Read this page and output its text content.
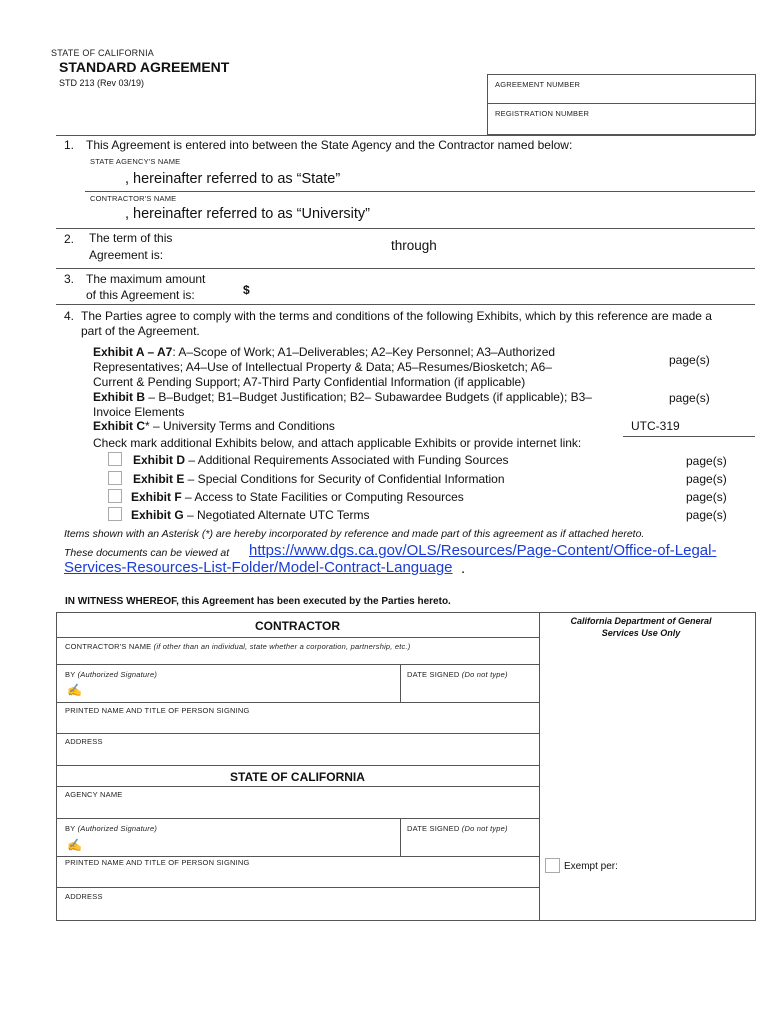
STATE OF CALIFORNIA
STANDARD AGREEMENT
STD 213 (Rev 03/19)	AGREEMENT NUMBER
REGISTRATION NUMBER
1. This Agreement is entered into between the State Agency and the Contractor named below:
STATE AGENCY'S NAME
, hereinafter referred to as “State”
CONTRACTOR'S NAME
, hereinafter referred to as “University”
2. The term of this
Agreement is:
through
3. The maximum amount
of this Agreement is:	$
4. The Parties agree to comply with the terms and conditions of the following Exhibits, which by this reference are made a
part of the Agreement.
Exhibit A – A7: A–Scope of Work; A1–Deliverables; A2–Key Personnel; A3–Authorized
Representatives; A4–Use of Intellectual Property & Data; A5–Resumes/Biosketch; A6–
Current & Pending Support; A7-Third Party Confidential Information (if applicable)
page(s)
Exhibit B – B–Budget; B1–Budget Justification; B2– Subawardee Budgets (if applicable); B3–
Invoice Elements
page(s)
Exhibit C* – University Terms and Conditions	UTC-319
Check mark additional Exhibits below, and attach applicable Exhibits or provide internet link:
Exhibit D – Additional Requirements Associated with Funding Sources	page(s)
Exhibit E – Special Conditions for Security of Confidential Information	page(s)
Exhibit F – Access to State Facilities or Computing Resources	page(s)
Exhibit G – Negotiated Alternate UTC Terms	page(s)
Items shown with an Asterisk (*) are hereby incorporated by reference and made part of this agreement as if attached hereto.
These documents can be viewed at https://www.dgs.ca.gov/OLS/Resources/Page-Content/Office-of-Legal-
Services-Resources-List-Folder/Model-Contract-Language .
IN WITNESS WHEREOF, this Agreement has been executed by the Parties hereto.
CONTRACTOR
CONTRACTOR'S NAME (if other than an individual, state whether a corporation, partnership, etc.)
BY (Authorized Signature)
✍
DATE SIGNED (Do not type)
PRINTED NAME AND TITLE OF PERSON SIGNING
ADDRESS
STATE OF CALIFORNIA
AGENCY NAME
BY (Authorized Signature)
✍
DATE SIGNED (Do not type)
PRINTED NAME AND TITLE OF PERSON SIGNING
ADDRESS
California Department of General
Services Use Only
Exempt per:
